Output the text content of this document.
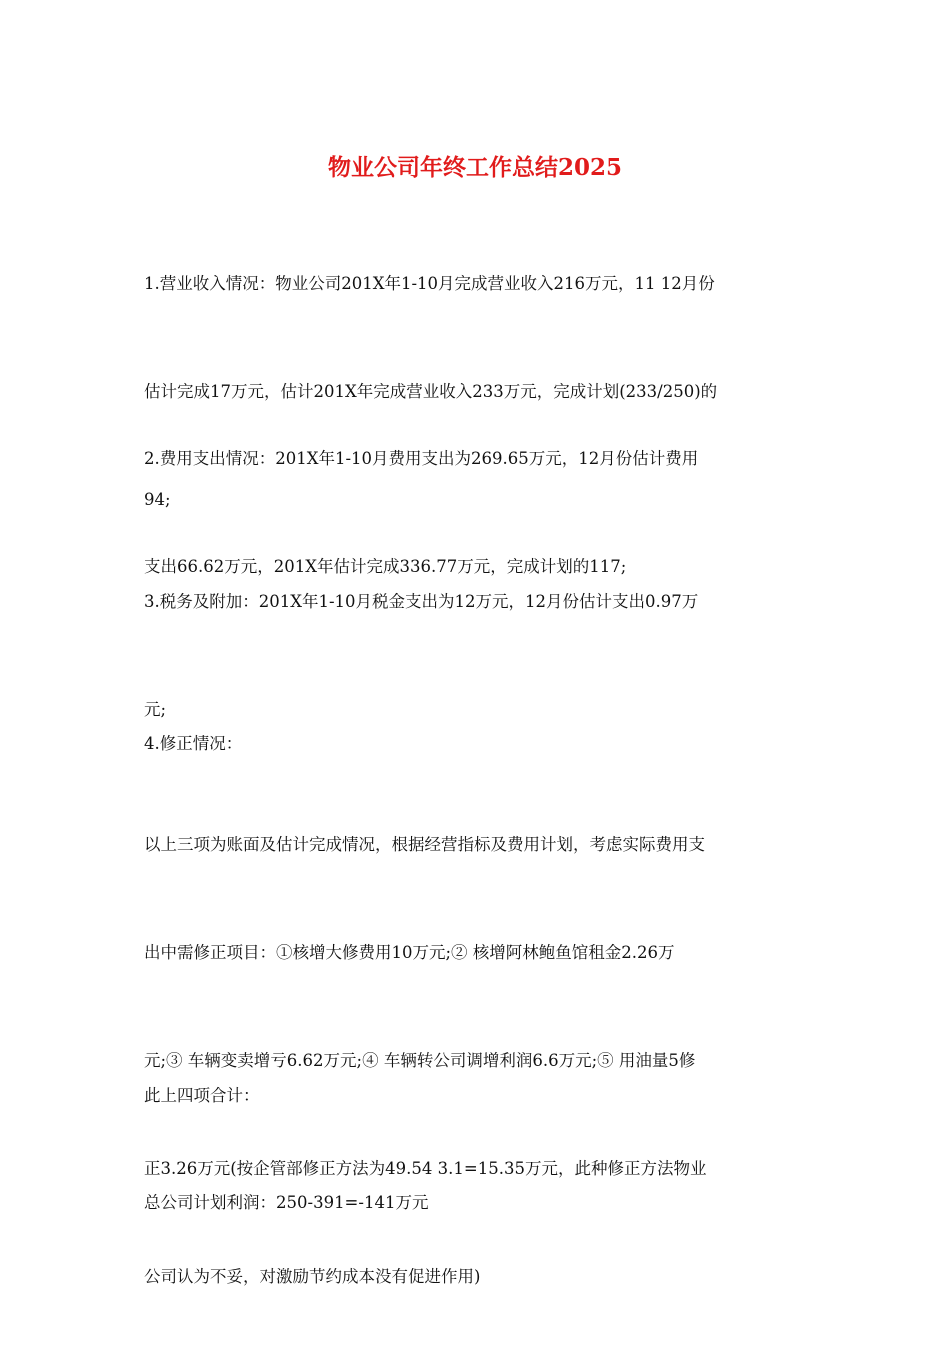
物业公司年终工作总结2025

1.营业收入情况：物业公司201X年1-10月完成营业收入216万元，11 12月份

估计完成17万元，估计201X年完成营业收入233万元，完成计划(233/250)的

94;

2.费用支出情况：201X年1-10月费用支出为269.65万元，12月份估计费用

支出66.62万元，201X年估计完成336.77万元，完成计划的117;

3.税务及附加：201X年1-10月税金支出为12万元，12月份估计支出0.97万

元;

4.修正情况：

以上三项为账面及估计完成情况，根据经营指标及费用计划，考虑实际费用支

出中需修正项目：①核增大修费用10万元;② 核增阿林鲍鱼馆租金2.26万

元;③ 车辆变卖增亏6.62万元;④ 车辆转公司调增利润6.6万元;⑤ 用油量5修

正3.26万元(按企管部修正方法为49.54 3.1=15.35万元，此种修正方法物业

公司认为不妥，对激励节约成本没有促进作用)

此上四项合计：

总公司计划利润：250-391=-141万元
